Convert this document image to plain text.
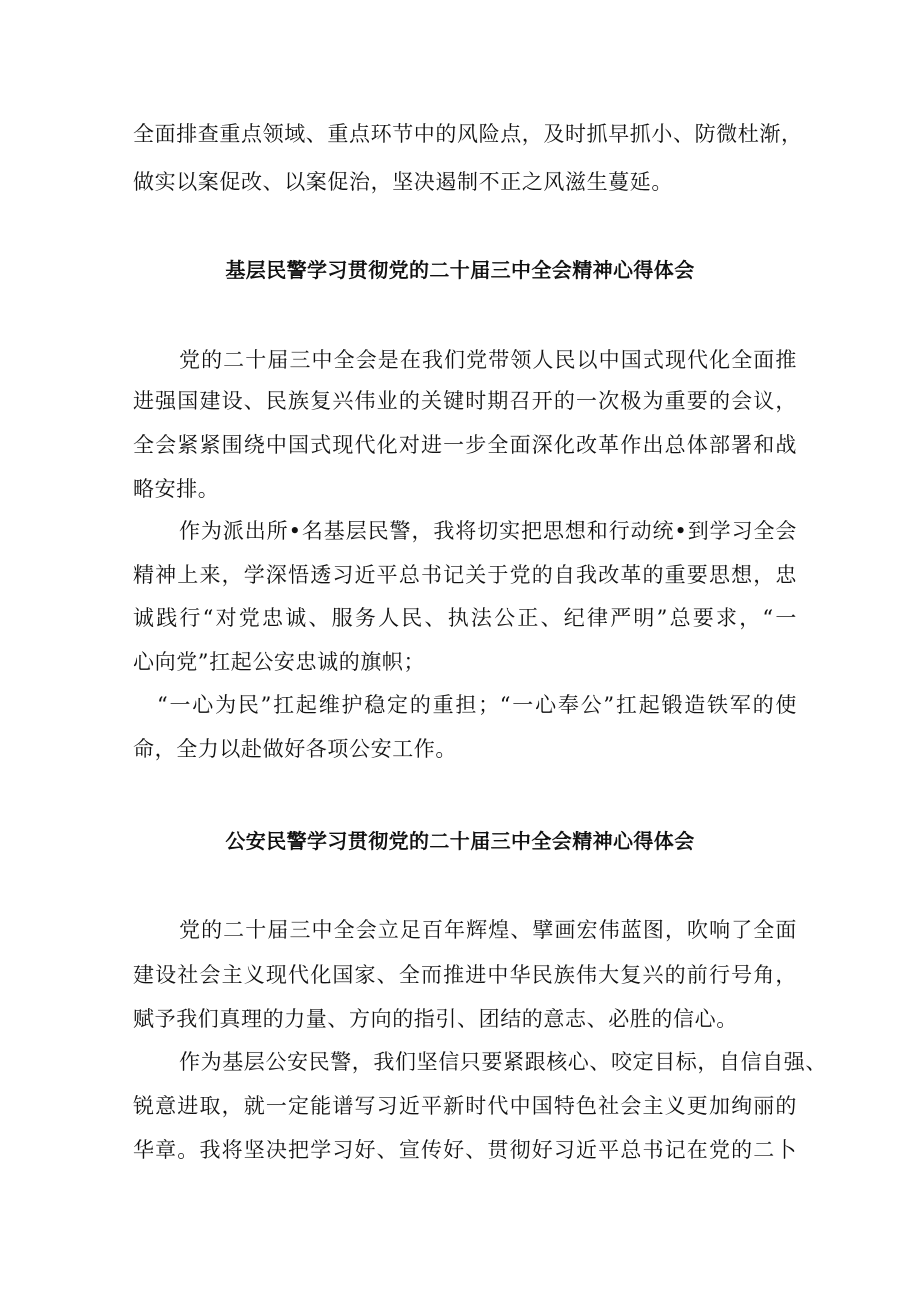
全面排查重点领域、重点环节中的风险点，及时抓早抓小、防微杜渐，
做实以案促改、以案促治，坚决遏制不正之风滋生蔓延。
基层民警学习贯彻党的二十届三中全会精神心得体会
党的二十届三中全会是在我们党带领人民以中国式现代化全面推
进强国建设、民族复兴伟业的关键时期召开的一次极为重要的会议，
全会紧紧围绕中国式现代化对进一步全面深化改革作出总体部署和战
略安排。
作为派出所•名基层民警，我将切实把思想和行动统•到学习全会
精神上来，学深悟透习近平总书记关于党的自我改革的重要思想，忠
诚践行“对党忠诚、服务人民、执法公正、纪律严明”总要求，“一
心向党”扛起公安忠诚的旗帜；
“一心为民”扛起维护稳定的重担；“一心奉公”扛起锻造铁军的使
命，全力以赴做好各项公安工作。
公安民警学习贯彻党的二十届三中全会精神心得体会
党的二十届三中全会立足百年辉煌、擘画宏伟蓝图，吹响了全面
建设社会主义现代化国家、全而推进中华民族伟大复兴的前行号角，
赋予我们真理的力量、方向的指引、团结的意志、必胜的信心。
作为基层公安民警，我们坚信只要紧跟核心、咬定目标，自信自强、
锐意进取，就一定能谱写习近平新时代中国特色社会主义更加绚丽的
华章。我将坚决把学习好、宣传好、贯彻好习近平总书记在党的二卜
